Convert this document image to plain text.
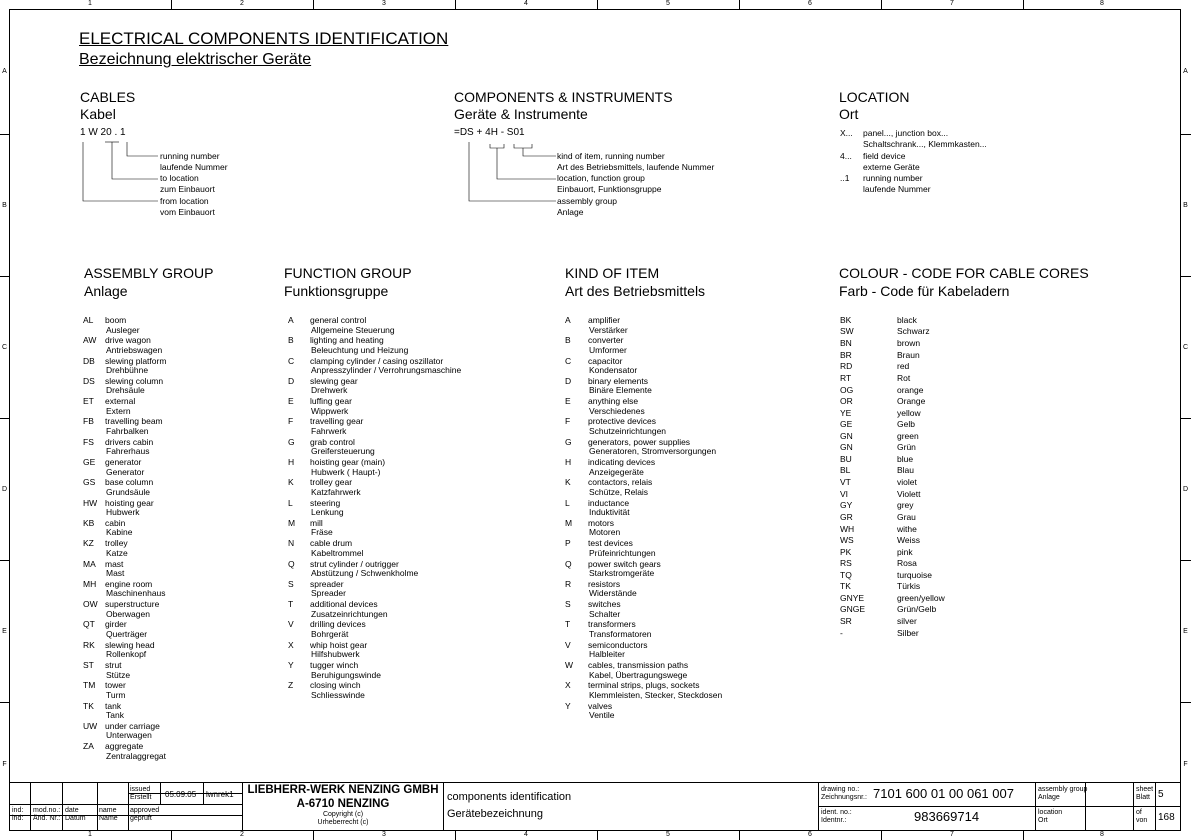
1	2	3	4	5	6	7	8
1	2	3	4	5	6	7	8
A
B
C
D
E
F
A
B
C
D
E
F
ELECTRICAL COMPONENTS IDENTIFICATION
Bezeichnung elektrischer Geräte
CABLES
Kabel
1 W 20 . 1
running number
laufende Nummer
to location
zum Einbauort
from location
vom Einbauort
COMPONENTS & INSTRUMENTS
Geräte & Instrumente
=DS + 4H - S01
kind of item, running number
Art des Betriebsmittels, laufende Nummer
location, function group
Einbauort, Funktionsgruppe
assembly group
Anlage
LOCATION
Ort
X... panel..., junction box...
Schaltschrank..., Klemmkasten...
4... field device
externe Geräte
..1 running number
laufende Nummer
ASSEMBLY GROUP
Anlage
FUNCTION GROUP
Funktionsgruppe
KIND OF ITEM
Art des Betriebsmittels
COLOUR - CODE FOR CABLE CORES
Farb - Code für Kabeladern
AL boom
Ausleger
AW drive wagon
Antriebswagen
DB slewing platform
Drehbühne
DS slewing column
Drehsäule
ET external
Extern
FB travelling beam
Fahrbalken
FS drivers cabin
Fahrerhaus
GE generator
Generator
GS base column
Grundsäule
HW hoisting gear
Hubwerk
KB cabin
Kabine
KZ trolley
Katze
MA mast
Mast
MH engine room
Maschinenhaus
OW superstructure
Oberwagen
QT girder
Querträger
RK slewing head
Rollenkopf
ST strut
Stütze
TM tower
Turm
TK tank
Tank
UW under carriage
Unterwagen
ZA aggregate
Zentralaggregat
A general control
Allgemeine Steuerung
B lighting and heating
Beleuchtung und Heizung
C clamping cylinder / casing oszillator
Anpresszylinder / Verrohrungsmaschine
D slewing gear
Drehwerk
E luffing gear
Wippwerk
F travelling gear
Fahrwerk
G grab control
Greifersteuerung
H hoisting gear (main)
Hubwerk ( Haupt-)
K trolley gear
Katzfahrwerk
L steering
Lenkung
M mill
Fräse
N cable drum
Kabeltrommel
Q strut cylinder / outrigger
Abstützung / Schwenkholme
S spreader
Spreader
T additional devices
Zusatzeinrichtungen
V drilling devices
Bohrgerät
X whip hoist gear
Hilfshubwerk
Y tugger winch
Beruhigungswinde
Z closing winch
Schliesswinde
A amplifier
Verstärker
B converter
Umformer
C capacitor
Kondensator
D binary elements
Binäre Elemente
E anything else
Verschiedenes
F protective devices
Schutzeinrichtungen
G generators, power supplies
Generatoren, Stromversorgungen
H indicating devices
Anzeigegeräte
K contactors, relais
Schütze, Relais
L inductance
Induktivität
M motors
Motoren
P test devices
Prüfeinrichtungen
Q power switch gears
Starkstromgeräte
R resistors
Widerstände
S switches
Schalter
T transformers
Transformatoren
V semiconductors
Halbleiter
W cables, transmission paths
Kabel, Übertragungswege
X terminal strips, plugs, sockets
Klemmleisten, Stecker, Steckdosen
Y valves
Ventile
BK	black
SW	Schwarz
BN	brown
BR	Braun
RD	red
RT	Rot
OG	orange
OR	Orange
YE	yellow
GE	Gelb
GN	green
GN	Grün
BU	blue
BL	Blau
VT	violet
VI	Violett
GY	grey
GR	Grau
WH	withe
WS	Weiss
PK	pink
RS	Rosa
TQ	turquoise
TK	Türkis
GNYE	green/yellow
GNGE	Grün/Gelb
SR	silver
-	Silber
ind:
ind:
mod.no.:
Änd. Nr.:
date
Datum
name
Name
issued
Erstellt
approved
geprüft
05.09.05 lwnrek1	LIEBHERR-WERK NENZING GMBH
A-6710 NENZING
Copyright (c)
Urheberrecht (c)
components identification
Gerätebezeichnung
drawing no.:
Zeichnungsnr.: 7101 600 01 00 061 007
ident. no.:
Identnr.:	983669714
assembly group
Anlage
location
Ort
sheet
Blatt 5
of
von 168
